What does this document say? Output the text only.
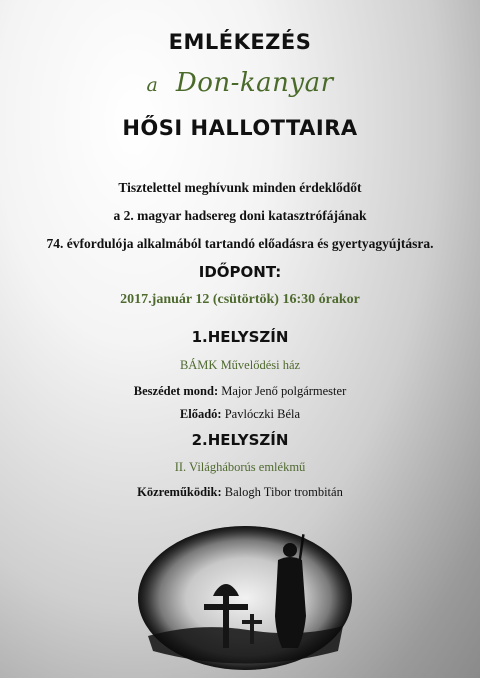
EMLÉKEZÉS
a Don-kanyar
HŐSI HALLOTTAIRA
Tisztelettel meghívunk minden érdeklődőt
a 2. magyar hadsereg doni katasztrófájának
74. évfordulója alkalmából tartandó előadásra és gyertyagyújtásra.
IDŐPONT:
2017.január 12 (csütörtök) 16:30 órakor
1.HELYSZÍN
BÁMK Művelődési ház
Beszédet mond: Major Jenő polgármester
Előadó: Pavlóczki Béla
2.HELYSZÍN
II. Világháborús emlékmű
Közreműködik: Balogh Tibor trombitán
